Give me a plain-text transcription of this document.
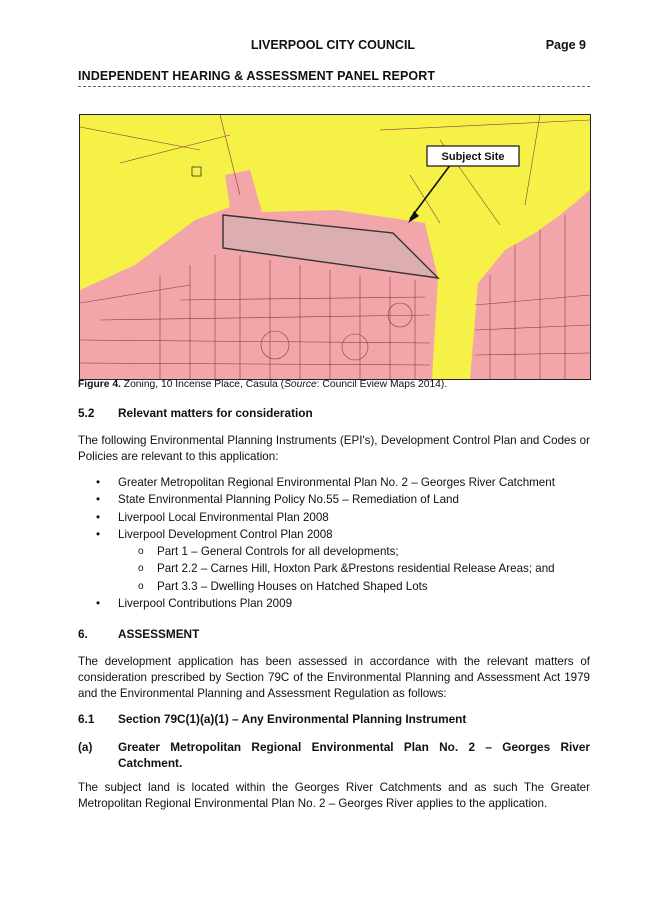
LIVERPOOL CITY COUNCIL	Page 9
INDEPENDENT HEARING & ASSESSMENT PANEL REPORT
Subject Site
Figure 4. Zoning, 10 Incense Place, Casula (Source: Council Eview Maps 2014).
5.2 Relevant matters for consideration
The following Environmental Planning Instruments (EPI's), Development Control Plan and Codes or Policies are relevant to this application:
• Greater Metropolitan Regional Environmental Plan No. 2 – Georges River Catchment
• State Environmental Planning Policy No.55 – Remediation of Land
• Liverpool Local Environmental Plan 2008
• Liverpool Development Control Plan 2008
o Part 1 – General Controls for all developments;
o Part 2.2 – Carnes Hill, Hoxton Park &Prestons residential Release Areas; and
o Part 3.3 – Dwelling Houses on Hatched Shaped Lots
• Liverpool Contributions Plan 2009
6.	ASSESSMENT
The development application has been assessed in accordance with the relevant matters of consideration prescribed by Section 79C of the Environmental Planning and Assessment Act 1979 and the Environmental Planning and Assessment Regulation as follows:
6.1 Section 79C(1)(a)(1) – Any Environmental Planning Instrument
(a) Greater Metropolitan Regional Environmental Plan No. 2 – Georges River Catchment.
The subject land is located within the Georges River Catchments and as such The Greater Metropolitan Regional Environmental Plan No. 2 – Georges River applies to the application.
